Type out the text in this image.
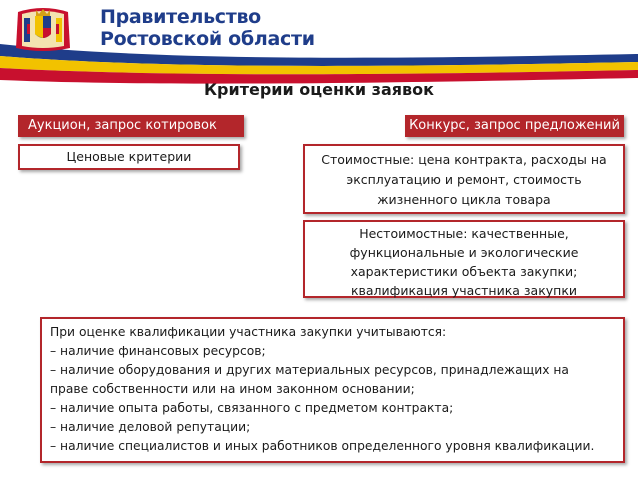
Правительство
Ростовской области
Критерии оценки заявок
Аукцион, запрос котировок	Конкурс, запрос предложений
Ценовые критерии	Стоимостные: цена контракта, расходы на
эксплуатацию и ремонт, стоимость
жизненного цикла товара
Нестоимостные: качественные,
функциональные и экологические
характеристики объекта закупки;
квалификация участника закупки
При оценке квалификации участника закупки учитываются:
– наличие финансовых ресурсов;
– наличие оборудования и других материальных ресурсов, принадлежащих на
праве собственности или на ином законном основании;
– наличие опыта работы, связанного с предметом контракта;
– наличие деловой репутации;
– наличие специалистов и иных работников определенного уровня квалификации.
